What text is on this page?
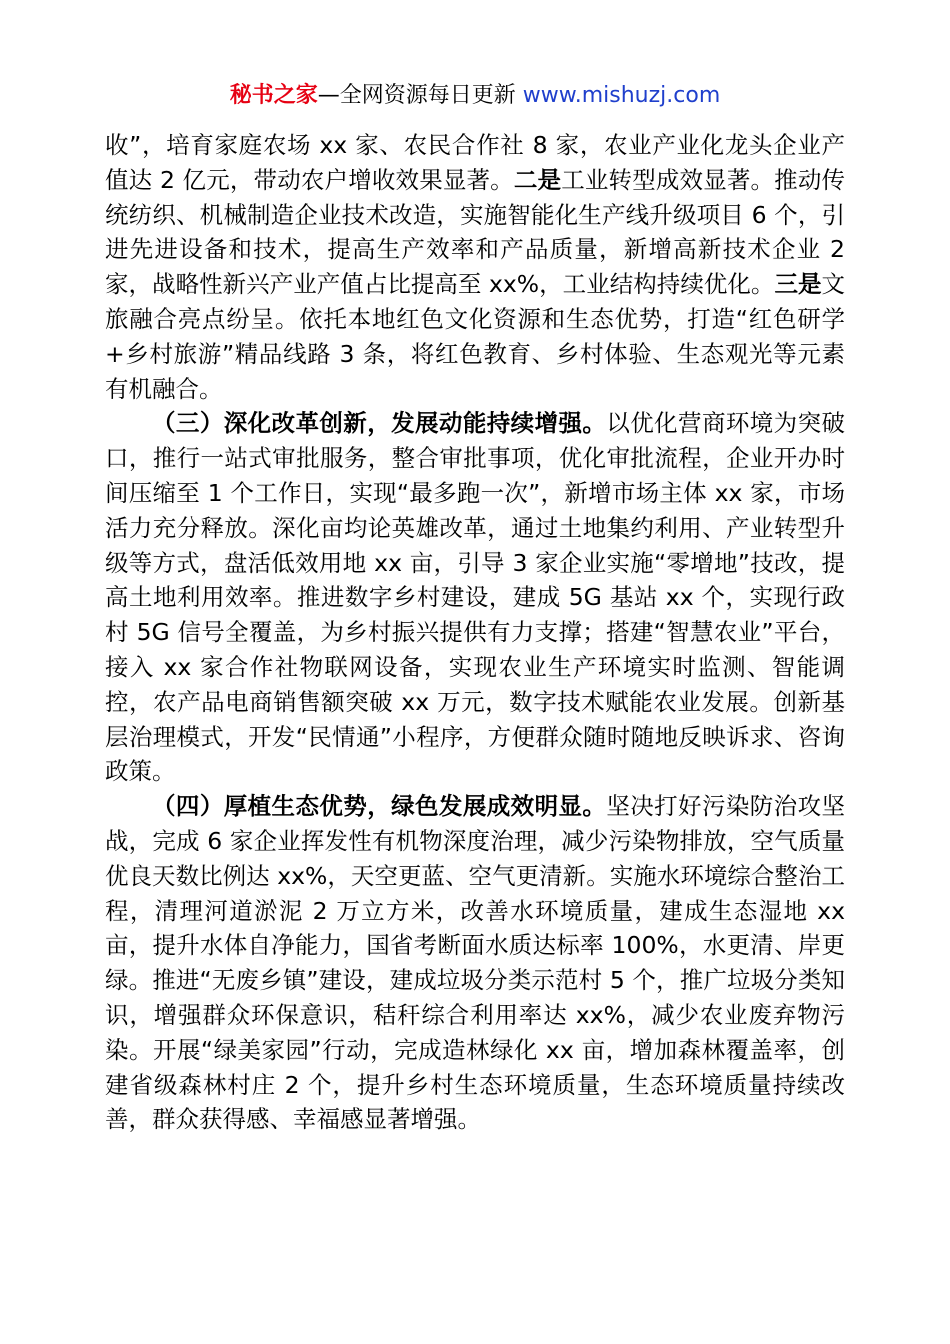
秘书之家—全网资源每日更新 www.mishuzj.com

收”，培育家庭农场 xx 家、农民合作社 8 家，农业产业化龙头企业产值达 2 亿元，带动农户增收效果显著。二是工业转型成效显著。推动传统纺织、机械制造企业技术改造，实施智能化生产线升级项目 6 个，引进先进设备和技术，提高生产效率和产品质量，新增高新技术企业 2 家，战略性新兴产业产值占比提高至 xx%，工业结构持续优化。三是文旅融合亮点纷呈。依托本地红色文化资源和生态优势，打造“红色研学+乡村旅游”精品线路 3 条，将红色教育、乡村体验、生态观光等元素有机融合。

（三）深化改革创新，发展动能持续增强。以优化营商环境为突破口，推行一站式审批服务，整合审批事项，优化审批流程，企业开办时间压缩至 1 个工作日，实现“最多跑一次”，新增市场主体 xx 家，市场活力充分释放。深化亩均论英雄改革，通过土地集约利用、产业转型升级等方式，盘活低效用地 xx 亩，引导 3 家企业实施“零增地”技改，提高土地利用效率。推进数字乡村建设，建成 5G 基站 xx 个，实现行政村 5G 信号全覆盖，为乡村振兴提供有力支撑；搭建“智慧农业”平台，接入 xx 家合作社物联网设备，实现农业生产环境实时监测、智能调控，农产品电商销售额突破 xx 万元，数字技术赋能农业发展。创新基层治理模式，开发“民情通”小程序，方便群众随时随地反映诉求、咨询政策。

（四）厚植生态优势，绿色发展成效明显。坚决打好污染防治攻坚战，完成 6 家企业挥发性有机物深度治理，减少污染物排放，空气质量优良天数比例达 xx%，天空更蓝、空气更清新。实施水环境综合整治工程，清理河道淤泥 2 万立方米，改善水环境质量，建成生态湿地 xx 亩，提升水体自净能力，国省考断面水质达标率 100%，水更清、岸更绿。推进“无废乡镇”建设，建成垃圾分类示范村 5 个，推广垃圾分类知识，增强群众环保意识，秸秆综合利用率达 xx%，减少农业废弃物污染。开展“绿美家园”行动，完成造林绿化 xx 亩，增加森林覆盖率，创建省级森林村庄 2 个，提升乡村生态环境质量，生态环境质量持续改善，群众获得感、幸福感显著增强。
